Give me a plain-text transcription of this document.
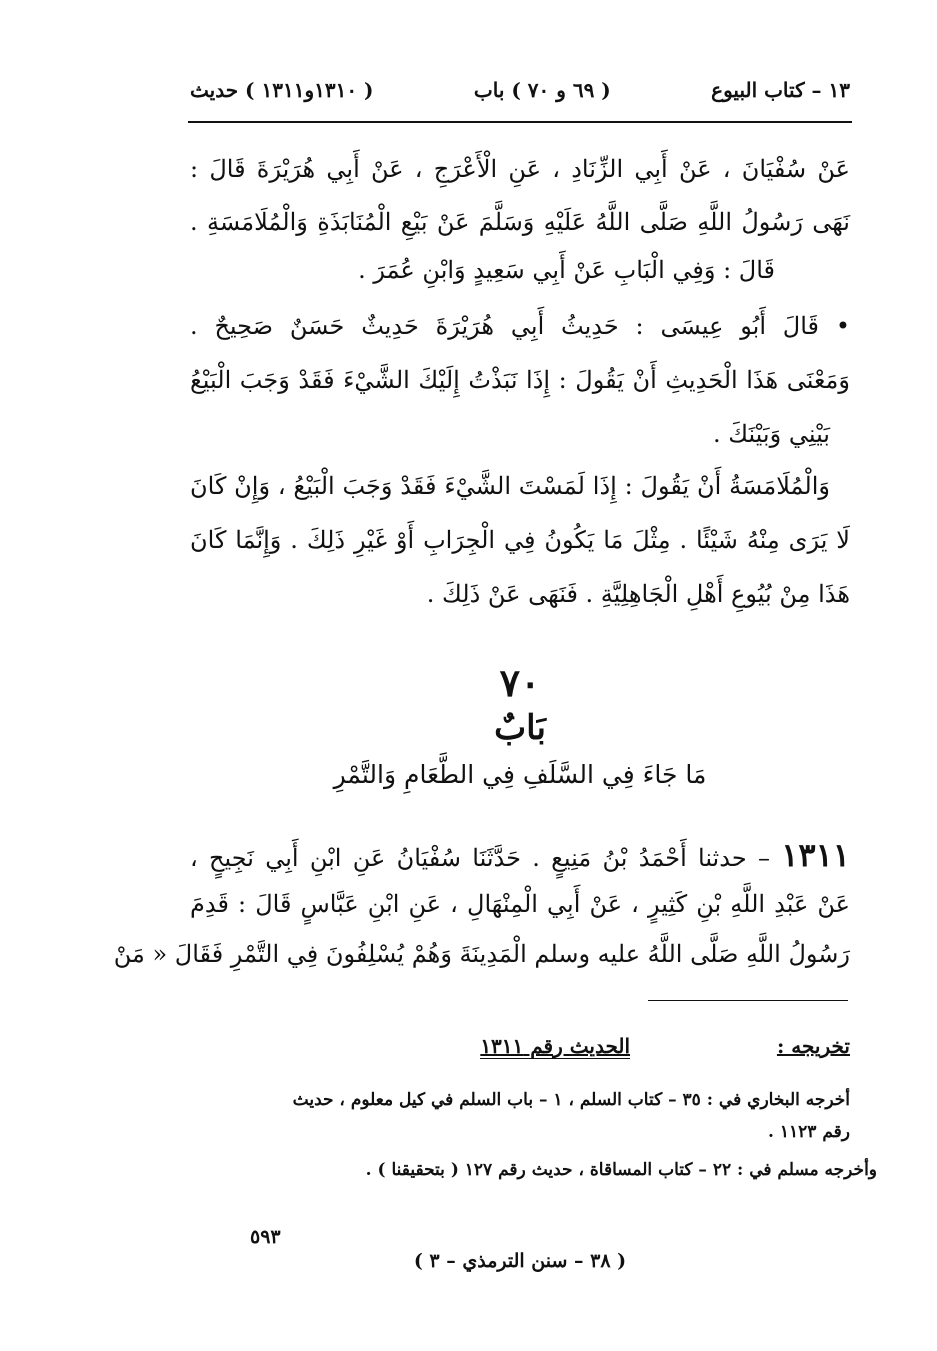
١٣ – كتاب البيوع
( ٦٩ و ٧٠ ) باب
( ١٣١٠و١٣١١ ) حديث
عَنْ سُفْيَانَ ، عَنْ أَبِي الزِّنَادِ ، عَنِ الْأَعْرَجِ ، عَنْ أَبِي هُرَيْرَةَ قَالَ :
نَهَى رَسُولُ اللَّهِ صَلَّى اللَّهُ عَلَيْهِ وَسَلَّمَ عَنْ بَيْعِ الْمُنَابَذَةِ وَالْمُلَامَسَةِ .
قَالَ : وَفِي الْبَابِ عَنْ أَبِي سَعِيدٍ وَابْنِ عُمَرَ .
• قَالَ أَبُو عِيسَى : حَدِيثُ أَبِي هُرَيْرَةَ حَدِيثٌ حَسَنٌ صَحِيحٌ .
وَمَعْنَى هَذَا الْحَدِيثِ أَنْ يَقُولَ : إِذَا نَبَذْتُ إِلَيْكَ الشَّيْءَ فَقَدْ وَجَبَ الْبَيْعُ
بَيْنِي وَبَيْنَكَ .
وَالْمُلَامَسَةُ أَنْ يَقُولَ : إِذَا لَمَسْتَ الشَّيْءَ فَقَدْ وَجَبَ الْبَيْعُ ، وَإِنْ كَانَ
لَا يَرَى مِنْهُ شَيْئًا . مِثْلَ مَا يَكُونُ فِي الْجِرَابِ أَوْ غَيْرِ ذَلِكَ . وَإِنَّمَا كَانَ
هَذَا مِنْ بُيُوعِ أَهْلِ الْجَاهِلِيَّةِ . فَنَهَى عَنْ ذَلِكَ .
٧٠
بَابٌ
مَا جَاءَ فِي السَّلَفِ فِي الطَّعَامِ وَالتَّمْرِ
١٣١١ – حدثنا أَحْمَدُ بْنُ مَنِيعٍ . حَدَّثَنَا سُفْيَانُ عَنِ ابْنِ أَبِي نَجِيحٍ ،
عَنْ عَبْدِ اللَّهِ بْنِ كَثِيرٍ ، عَنْ أَبِي الْمِنْهَالِ ، عَنِ ابْنِ عَبَّاسٍ قَالَ : قَدِمَ
رَسُولُ اللَّهِ صَلَّى اللَّهُ عليه وسلم الْمَدِينَةَ وَهُمْ يُسْلِفُونَ فِي التَّمْرِ فَقَالَ « مَنْ
تخريجه :
الحديث رقم ١٣١١
أخرجه البخاري في : ٣٥ – كتاب السلم ، ١ – باب السلم في كيل معلوم ، حديث
رقم ١١٢٣ .
وأخرجه مسلم في : ٢٢ – كتاب المساقاة ، حديث رقم ١٢٧ ( بتحقيقنا ) .
٥٩٣
( ٣٨ – سنن الترمذي – ٣ )
